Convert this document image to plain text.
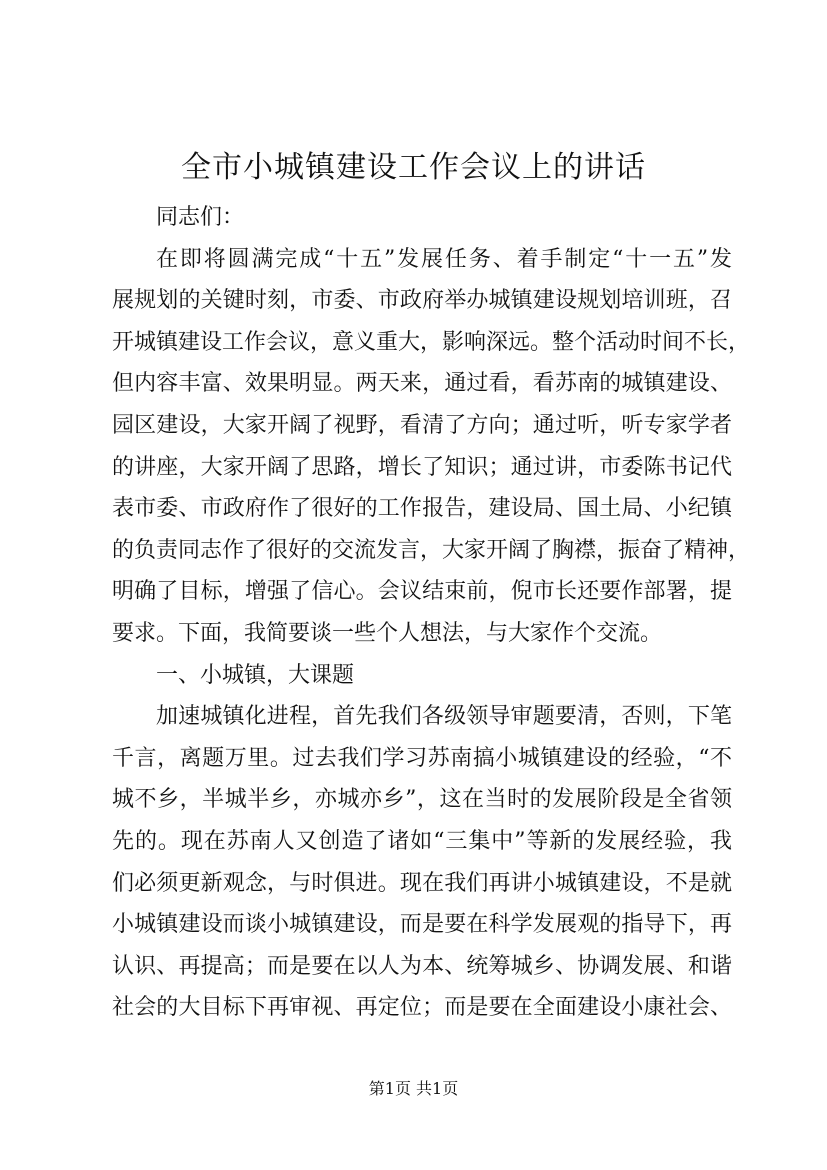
全市小城镇建设工作会议上的讲话
同志们：
在即将圆满完成“十五”发展任务、着手制定“十一五”发
展规划的关键时刻，市委、市政府举办城镇建设规划培训班，召
开城镇建设工作会议，意义重大，影响深远。整个活动时间不长，
但内容丰富、效果明显。两天来，通过看，看苏南的城镇建设、
园区建设，大家开阔了视野，看清了方向；通过听，听专家学者
的讲座，大家开阔了思路，增长了知识；通过讲，市委陈书记代
表市委、市政府作了很好的工作报告，建设局、国土局、小纪镇
的负责同志作了很好的交流发言，大家开阔了胸襟，振奋了精神，
明确了目标，增强了信心。会议结束前，倪市长还要作部署，提
要求。下面，我简要谈一些个人想法，与大家作个交流。
一、小城镇，大课题
加速城镇化进程，首先我们各级领导审题要清，否则，下笔
千言，离题万里。过去我们学习苏南搞小城镇建设的经验，“不
城不乡，半城半乡，亦城亦乡”，这在当时的发展阶段是全省领
先的。现在苏南人又创造了诸如“三集中”等新的发展经验，我
们必须更新观念，与时俱进。现在我们再讲小城镇建设，不是就
小城镇建设而谈小城镇建设，而是要在科学发展观的指导下，再
认识、再提高；而是要在以人为本、统筹城乡、协调发展、和谐
社会的大目标下再审视、再定位；而是要在全面建设小康社会、
第1页 共1页
